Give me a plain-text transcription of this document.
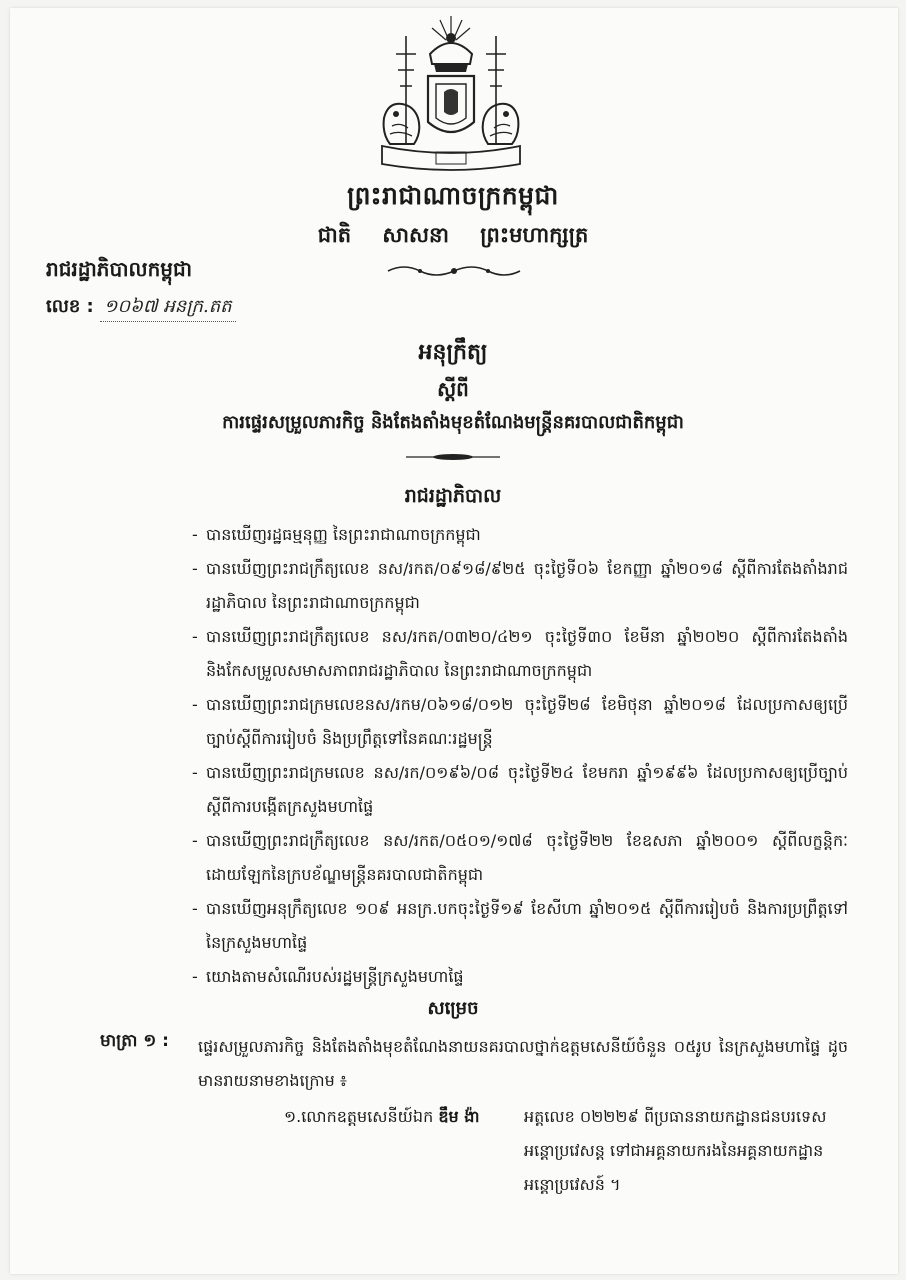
ព្រះរាជាណាចក្រកម្ពុជា
ជាតិ សាសនា ព្រះមហាក្សត្រ
រាជរដ្ឋាភិបាលកម្ពុជា
លេខ : ១០៦៧ អនក្រ.តត
អនុក្រឹត្យ
ស្តីពី
ការផ្ទេរសម្រួលភារកិច្ច និងតែងតាំងមុខតំណែងមន្ត្រីនគរបាលជាតិកម្ពុជា
រាជរដ្ឋាភិបាល
- បានឃើញរដ្ឋធម្មនុញ្ញ នៃព្រះរាជាណាចក្រកម្ពុជា
- បានឃើញព្រះរាជក្រឹត្យលេខ នស/រកត/០៩១៨/៩២៥ ចុះថ្ងៃទី០៦ ខែកញ្ញា ឆ្នាំ២០១៨ ស្តីពីការតែងតាំងរាជរដ្ឋាភិបាល នៃព្រះរាជាណាចក្រកម្ពុជា
- បានឃើញព្រះរាជក្រឹត្យលេខ នស/រកត/០៣២០/៤២១ ចុះថ្ងៃទី៣០ ខែមីនា ឆ្នាំ២០២០ ស្តីពីការតែងតាំង និងកែសម្រួលសមាសភាពរាជរដ្ឋាភិបាល នៃព្រះរាជាណាចក្រកម្ពុជា
- បានឃើញព្រះរាជក្រមលេខនស/រកម/០៦១៨/០១២ ចុះថ្ងៃទី២៨ ខែមិថុនា ឆ្នាំ២០១៨ ដែលប្រកាសឲ្យប្រើច្បាប់ស្តីពីការរៀបចំ និងប្រព្រឹត្តទៅនៃគណៈរដ្ឋមន្ត្រី
- បានឃើញព្រះរាជក្រមលេខ នស/រក/០១៩៦/០៨ ចុះថ្ងៃទី២៤ ខែមករា ឆ្នាំ១៩៩៦ ដែលប្រកាសឲ្យប្រើច្បាប់ ស្តីពីការបង្កើតក្រសួងមហាផ្ទៃ
- បានឃើញព្រះរាជក្រឹត្យលេខ នស/រកត/០៥០១/១៧៨ ចុះថ្ងៃទី២២ ខែឧសភា ឆ្នាំ២០០១ ស្តីពីលក្ខន្តិកៈដោយឡែកនៃក្របខ័ណ្ឌមន្ត្រីនគរបាលជាតិកម្ពុជា
- បានឃើញអនុក្រឹត្យលេខ ១០៩ អនក្រ.បកចុះថ្ងៃទី១៩ ខែសីហា ឆ្នាំ២០១៥ ស្តីពីការរៀបចំ និងការប្រព្រឹត្តទៅនៃក្រសួងមហាផ្ទៃ
- យោងតាមសំណើរបស់រដ្ឋមន្ត្រីក្រសួងមហាផ្ទៃ
សម្រេច
មាត្រា ១ : ផ្ទេរសម្រួលភារកិច្ច និងតែងតាំងមុខតំណែងនាយនគរបាលថ្នាក់ឧត្តមសេនីយ៍ចំនួន ០៥រូប នៃក្រសួងមហាផ្ទៃ ដូចមានរាយនាមខាងក្រោម ៖
១.លោកឧត្តមសេនីយ៍ឯក ឌឹម ង៉ា	អត្តលេខ ០២២២៩ ពីប្រធាននាយកដ្ឋានជនបរទេសអន្តោប្រវេសន្ត ទៅជាអគ្គនាយករងនៃអគ្គនាយកដ្ឋានអន្តោប្រវេសន៍ ។
